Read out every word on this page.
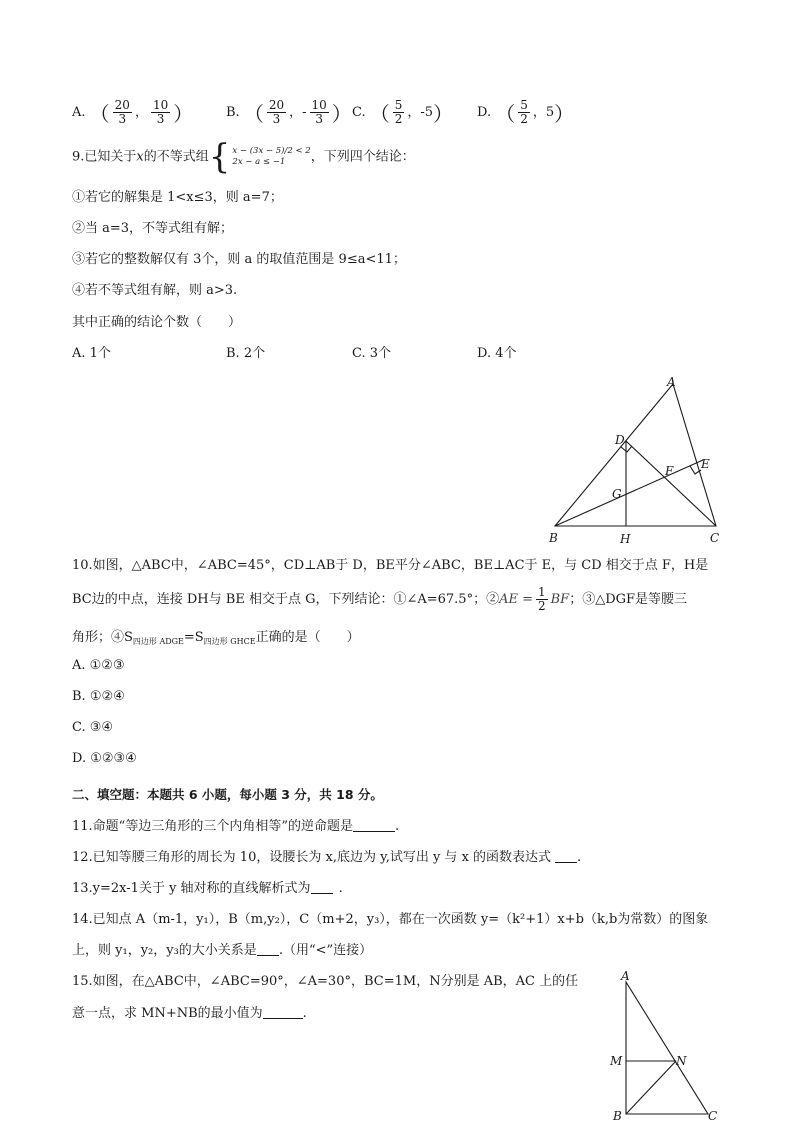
A. （ $\frac{20}{3}$ ， $\frac{10}{3}$ ）	B. （ $\frac{20}{3}$ ，- $\frac{10}{3}$ ） C. （ $\frac{5}{2}$ ，-5） D. （ $\frac{5}{2}$ ，5）
9.已知关于x的不等式组{ x − (3x − 5)/2 < 2
2x − a ≤ −1	，下列四个结论：
①若它的解集是 1<x≤3，则 a=7；
②当 a=3，不等式组有解；
③若它的整数解仅有 3个，则 a 的取值范围是 9≤a<11；
④若不等式组有解，则 a>3.
其中正确的结论个数（　　）
A. 1个	B. 2个	C. 3个	D. 4个
A
D
E
F
G
B	H	C
10.如图，△ABC中，∠ABC=45°，CD⊥AB于 D，BE平分∠ABC，BE⊥AC于 E，与 CD 相交于点 F，H是
BC边的中点，连接 DH与 BE 相交于点 G，下列结论：①∠A=67.5°；②AE = $\frac{1}{2}$ BF；③△DGF是等腰三
角形；$④S_{四边形 ADGE}=S_{四边形 GHCE}$正确的是（　　）
A. ①②③
B. ①②④
C. ③④
D. ①②③④
二、填空题：本题共 6 小题，每小题 3 分，共 18 分。
11.命题“等边三角形的三个内角相等”的逆命题是	.
12.已知等腰三角形的周长为 10，设腰长为 x,底边为 y,试写出 y 与 x 的函数表达式 .
13.y=2x-1关于 y 轴对称的直线解析式为 .
14.已知点 A（m-1，y₁），B（m,y₂），C（m+2，y₃），都在一次函数 y=（k²+1）x+b（k,b为常数）的图象
上，则 y₁，y₂，y₃的大小关系是 .（用“<”连接）
15.如图，在△ABC中，∠ABC=90°，∠A=30°，BC=1M，N分别是 AB，AC 上的任
意一点，求 MN+NB的最小值为	.
A
M	N
B	C
